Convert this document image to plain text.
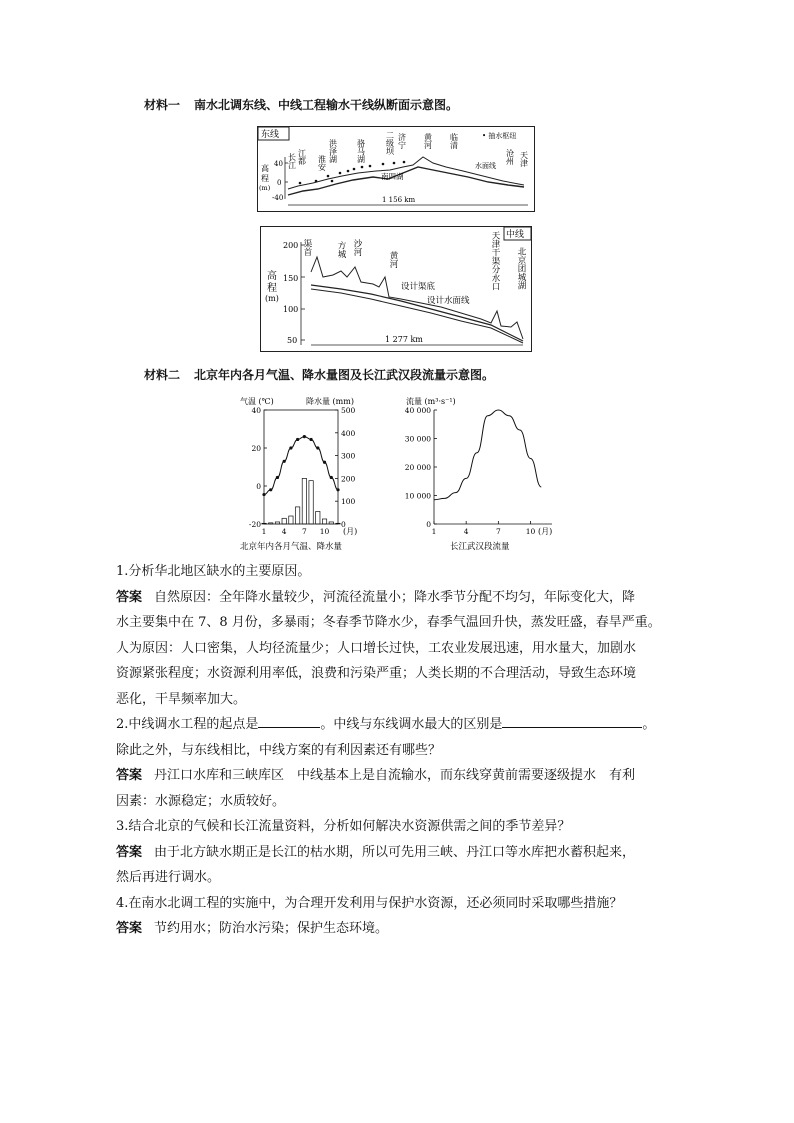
材料一 南水北调东线、中线工程输水干线纵断面示意图。
东线	• 抽水枢纽
高
程
(m)
40
0
-40
长江 江都 淮安 洪泽湖 骆马湖	二级坝 济宁
南四湖
黄河 临清
水面线
沧州 天津
1 156 km
中线
高
程
(m)
200
150
100
50
渠首	方城 沙河
黄河
设计渠底
设计水面线
天津干渠分水口 北京团城湖
1 277 km
材料二 北京年内各月气温、降水量图及长江武汉段流量示意图。
气温 (℃)	降水量 (mm)
40
20
0
-20
500
400
300
200
100
0
1 4 7 10 (月)
北京年内各月气温、降水量
流量 (m³·s⁻¹)
40 000
30 000
20 000
10 000
0
1	4	7	10 (月)
长江武汉段流量
1.分析华北地区缺水的主要原因。
答案 自然原因：全年降水量较少，河流径流量小；降水季节分配不均匀，年际变化大，降
水主要集中在 7、8 月份，多暴雨；冬春季节降水少，春季气温回升快，蒸发旺盛，春旱严重。
人为原因：人口密集，人均径流量少；人口增长过快，工农业发展迅速，用水量大，加剧水
资源紧张程度；水资源利用率低，浪费和污染严重；人类长期的不合理活动，导致生态环境
恶化，干旱频率加大。
2.中线调水工程的起点是	。中线与东线调水最大的区别是	。
除此之外，与东线相比，中线方案的有利因素还有哪些？
答案 丹江口水库和三峡库区　中线基本上是自流输水，而东线穿黄前需要逐级提水　有利
因素：水源稳定；水质较好。
3.结合北京的气候和长江流量资料，分析如何解决水资源供需之间的季节差异？
答案 由于北方缺水期正是长江的枯水期，所以可先用三峡、丹江口等水库把水蓄积起来，
然后再进行调水。
4.在南水北调工程的实施中，为合理开发利用与保护水资源，还必须同时采取哪些措施？
答案 节约用水；防治水污染；保护生态环境。
